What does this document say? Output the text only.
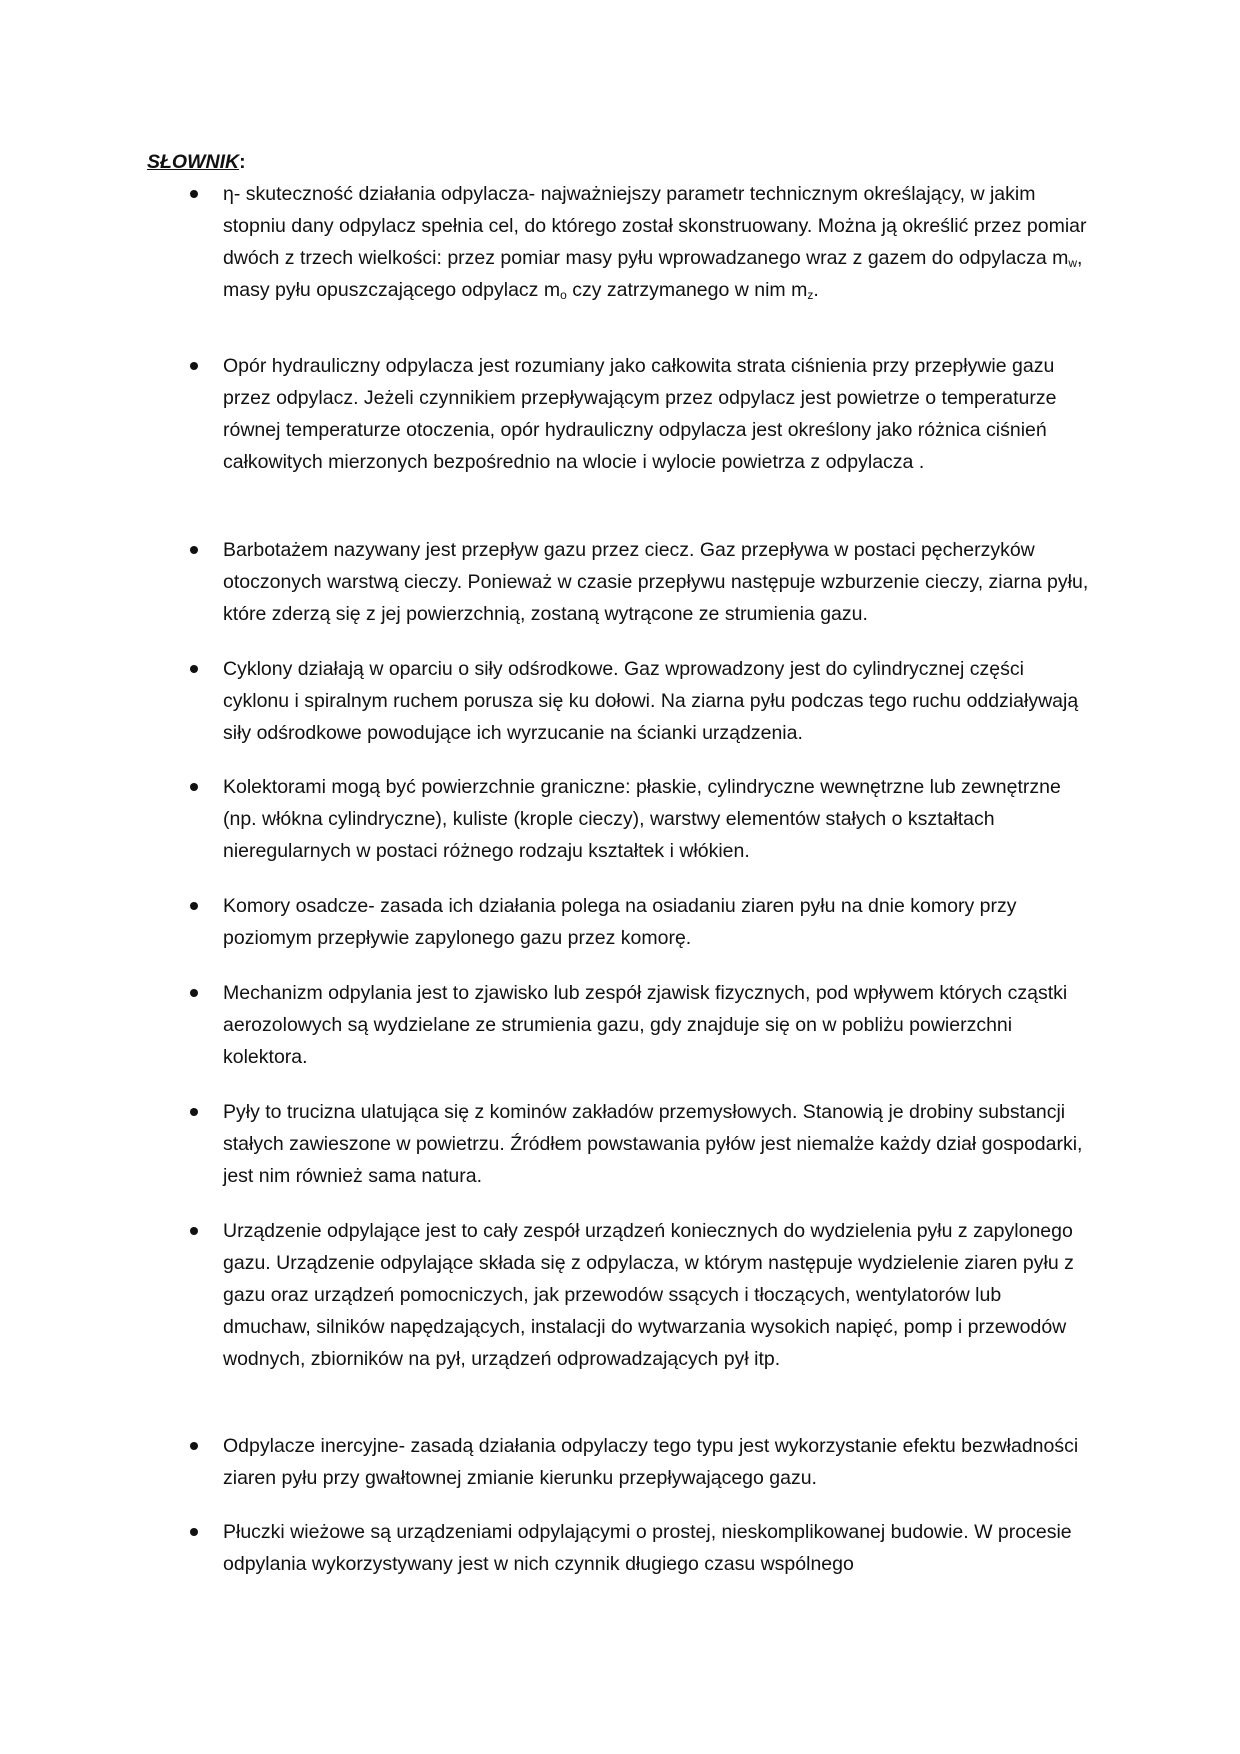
SŁOWNIK:
η- skuteczność działania odpylacza- najważniejszy parametr technicznym określający, w jakim stopniu dany odpylacz spełnia cel, do którego został skonstruowany. Można ją określić przez pomiar dwóch z trzech wielkości: przez pomiar masy pyłu wprowadzanego wraz z gazem do odpylacza $m_w$, masy pyłu opuszczającego odpylacz $m_o$ czy zatrzymanego w nim $m_z$.
Opór hydrauliczny odpylacza jest rozumiany jako całkowita strata ciśnienia przy przepływie gazu przez odpylacz. Jeżeli czynnikiem przepływającym przez odpylacz jest powietrze o temperaturze równej temperaturze otoczenia, opór hydrauliczny odpylacza jest określony jako różnica ciśnień całkowitych mierzonych bezpośrednio na wlocie i wylocie powietrza z odpylacza .
Barbotażem nazywany jest przepływ gazu przez ciecz. Gaz przepływa w postaci pęcherzyków otoczonych warstwą cieczy. Ponieważ w czasie przepływu następuje wzburzenie cieczy, ziarna pyłu, które zderzą się z jej powierzchnią, zostaną wytrącone ze strumienia gazu.
Cyklony działają w oparciu o siły odśrodkowe. Gaz wprowadzony jest do cylindrycznej części cyklonu i spiralnym ruchem porusza się ku dołowi. Na ziarna pyłu podczas tego ruchu oddziaływają siły odśrodkowe powodujące ich wyrzucanie na ścianki urządzenia.
Kolektorami mogą być powierzchnie graniczne: płaskie, cylindryczne wewnętrzne lub zewnętrzne (np. włókna cylindryczne), kuliste (krople cieczy), warstwy elementów stałych o kształtach nieregularnych w postaci różnego rodzaju kształtek i włókien.
Komory osadcze- zasada ich działania polega na osiadaniu ziaren pyłu na dnie komory przy poziomym przepływie zapylonego gazu przez komorę.
Mechanizm odpylania jest to zjawisko lub zespół zjawisk fizycznych, pod wpływem których cząstki aerozolowych są wydzielane ze strumienia gazu, gdy znajduje się on w pobliżu powierzchni kolektora.
Pyły to trucizna ulatująca się z kominów zakładów przemysłowych. Stanowią je drobiny substancji stałych zawieszone w powietrzu. Źródłem powstawania pyłów jest niemalże każdy dział gospodarki, jest nim również sama natura.
Urządzenie odpylające jest to cały zespół urządzeń koniecznych do wydzielenia pyłu z zapylonego gazu. Urządzenie odpylające składa się z odpylacza, w którym następuje wydzielenie ziaren pyłu z gazu oraz urządzeń pomocniczych, jak przewodów ssących i tłoczących, wentylatorów lub dmuchaw, silników napędzających, instalacji do wytwarzania wysokich napięć, pomp i przewodów wodnych, zbiorników na pył, urządzeń odprowadzających pył itp.
Odpylacze inercyjne- zasadą działania odpylaczy tego typu jest wykorzystanie efektu bezwładności ziaren pyłu przy gwałtownej zmianie kierunku przepływającego gazu.
Płuczki wieżowe są urządzeniami odpylającymi o prostej, nieskomplikowanej budowie. W procesie odpylania wykorzystywany jest w nich czynnik długiego czasu wspólnego
